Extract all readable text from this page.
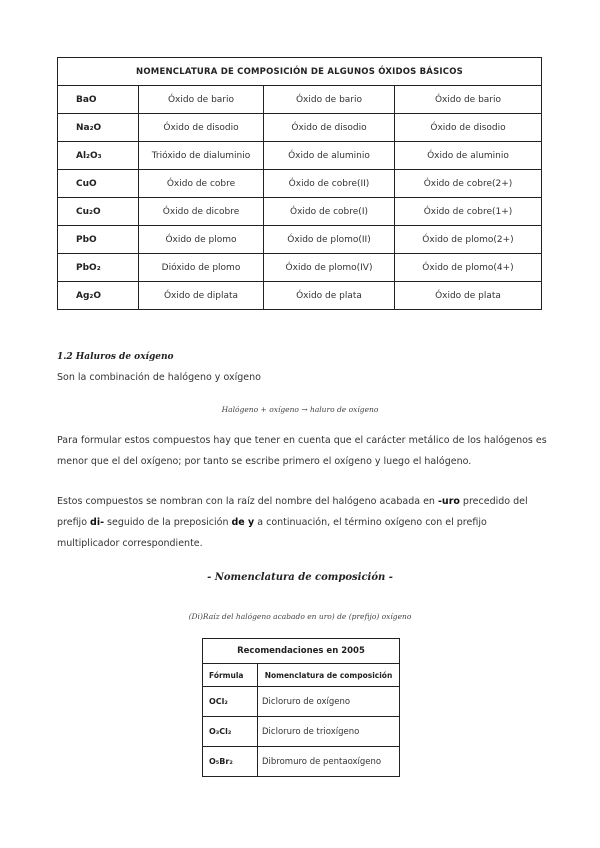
NOMENCLATURA DE COMPOSICIÓN DE ALGUNOS ÓXIDOS BÁSICOS			
BaO	Óxido de bario	Óxido de bario	Óxido de bario
Na₂O	Óxido de disodio	Óxido de disodio	Óxido de disodio
Al₂O₃	Trióxido de dialuminio	Óxido de aluminio	Óxido de aluminio
CuO	Óxido de cobre	Óxido de cobre(II)	Óxido de cobre(2+)
Cu₂O	Óxido de dicobre	Óxido de cobre(I)	Óxido de cobre(1+)
PbO	Óxido de plomo	Óxido de plomo(II)	Óxido de plomo(2+)
PbO₂	Dióxido de plomo	Óxido de plomo(IV)	Óxido de plomo(4+)
Ag₂O	Óxido de diplata	Óxido de plata	Óxido de plata
1.2 Haluros de oxígeno
Son la combinación de halógeno y oxígeno
Halógeno + oxígeno → haluro de oxígeno
Para formular estos compuestos hay que tener en cuenta que el carácter metálico de los halógenos es menor que el del oxígeno; por tanto se escribe primero el oxígeno y luego el halógeno.
Estos compuestos se nombran con la raíz del nombre del halógeno acabada en -uro precedido del prefijo di- seguido de la preposición de y a continuación, el término oxígeno con el prefijo multiplicador correspondiente.
- Nomenclatura de composición -
(Di)Raíz del halógeno acabado en uro) de (prefijo) oxígeno
Recomendaciones en 2005	
Fórmula	Nomenclatura de composición
OCl₂	Dicloruro de oxígeno
O₃Cl₂	Dicloruro de trioxígeno
O₅Br₂	Dibromuro de pentaoxígeno
